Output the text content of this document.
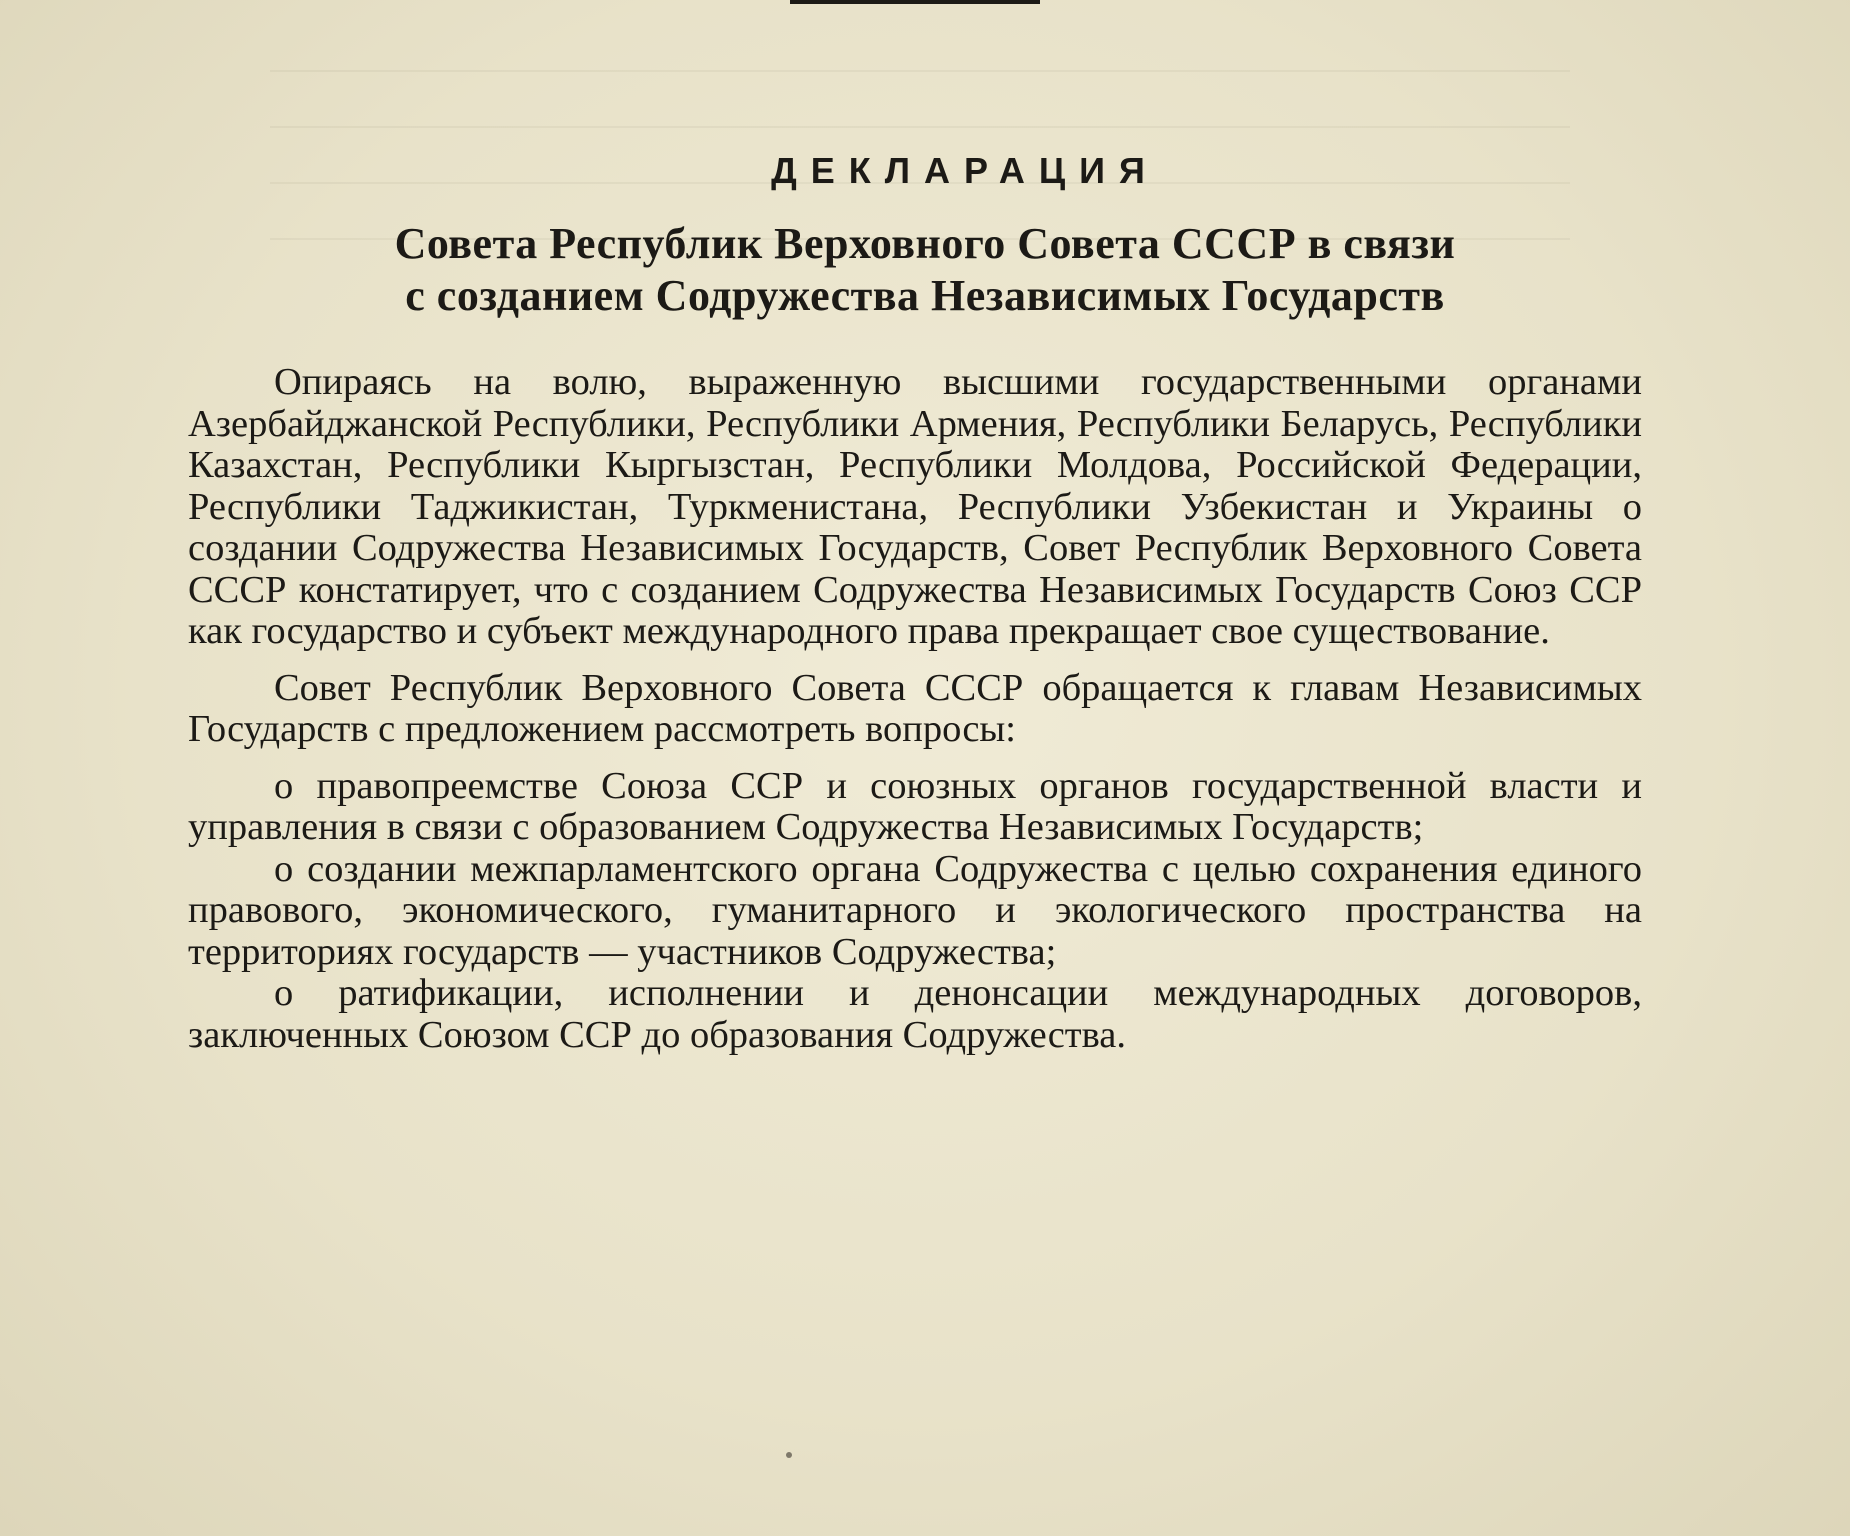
ДЕКЛАРАЦИЯ
Совета Республик Верховного Совета СССР в связи
с созданием Содружества Независимых Государств

Опираясь на волю, выраженную высшими государственными органами Азербайджанской Республики, Республики Армения, Республики Беларусь, Республики Казахстан, Республики Кыргызстан, Республики Молдова, Российской Федерации, Республики Таджикистан, Туркменистана, Республики Узбекистан и Украины о создании Содружества Независимых Государств, Совет Республик Верховного Совета СССР констатирует, что с созданием Содружества Независимых Государств Союз ССР как государство и субъект международного права прекращает свое существование.

Совет Республик Верховного Совета СССР обращается к главам Независимых Государств с предложением рассмотреть вопросы:

о правопреемстве Союза ССР и союзных органов государственной власти и управления в связи с образованием Содружества Независимых Государств;

о создании межпарламентского органа Содружества с целью сохранения единого правового, экономического, гуманитарного и экологического пространства на территориях государств — участников Содружества;

о ратификации, исполнении и денонсации международных договоров, заключенных Союзом ССР до образования Содружества.
